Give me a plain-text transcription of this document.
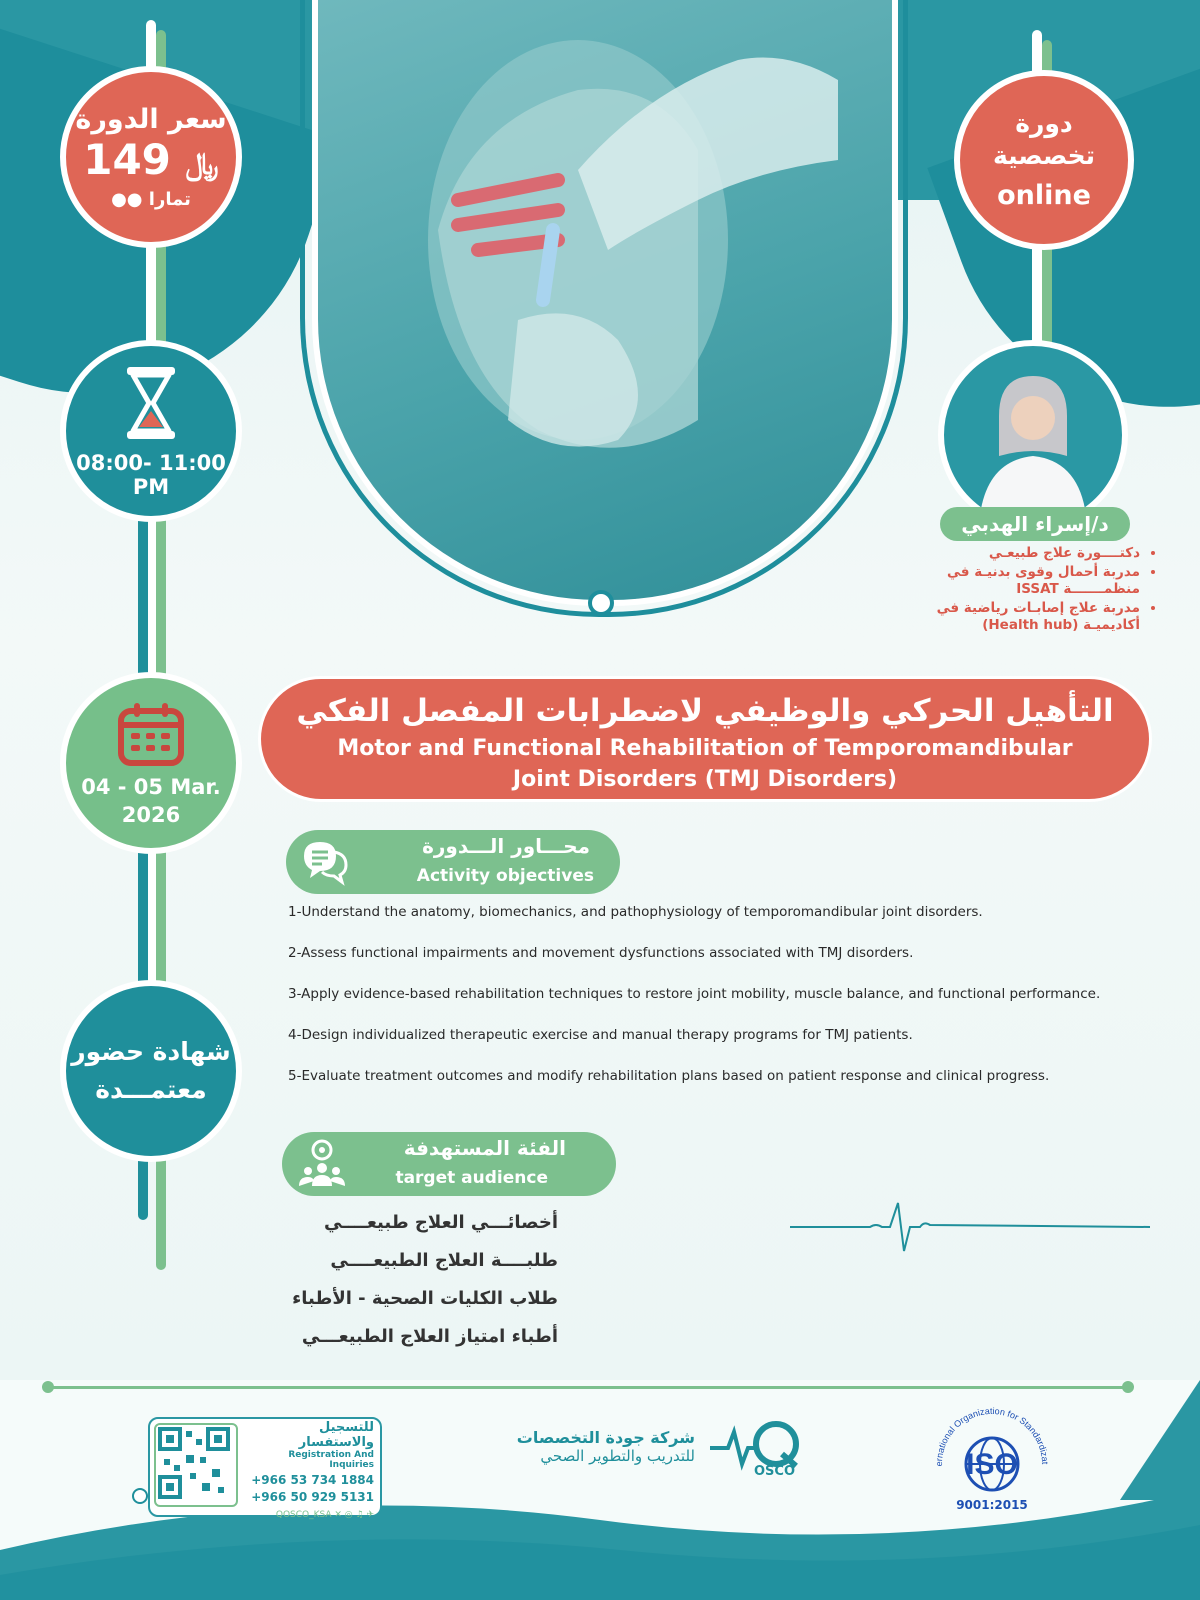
سعر الدورة
149 ﷼
●● تمارا
دورة تخصصية
online
08:00- 11:00
PM
04 - 05 Mar.
2026
شهادة حضور
معتمـــدة
د/إسراء الهدبي
• دكتــــورة علاج طبيعـي
• مدربة أحمال وقوى بدنيـة في منظمـــــــة ISSAT
• مدربة علاج إصابـات رياضية في أكاديميـة (Health hub)
التأهيل الحركي والوظيفي لاضطرابات المفصل الفكي
Motor and Functional Rehabilitation of Temporomandibular
Joint Disorders (TMJ Disorders)
محـــاور الـــدورة
Activity objectives
1-Understand the anatomy, biomechanics, and pathophysiology of temporomandibular joint disorders.
2-Assess functional impairments and movement dysfunctions associated with TMJ disorders.
3-Apply evidence-based rehabilitation techniques to restore joint mobility, muscle balance, and functional performance.
4-Design individualized therapeutic exercise and manual therapy programs for TMJ patients.
5-Evaluate treatment outcomes and modify rehabilitation plans based on patient response and clinical progress.
الفئة المستهدفة
target audience
أخصائـــي العلاج طبيعــــي
طلبــــة العلاج الطبيعــــي
طلاب الكليات الصحية - الأطباء
أطباء امتياز العلاج الطبيعـــي
للتسجيل والاستفسار
Registration And Inquiries
+966 53 734 1884
+966 50 929 5131
QOSCO_KSA ✕ ◎ ♫ ✈
شركة جودة التخصصات
للتدريب والتطوير الصحي
OSCO
ernational Organization for Standardizat
ISO
9001:2015
